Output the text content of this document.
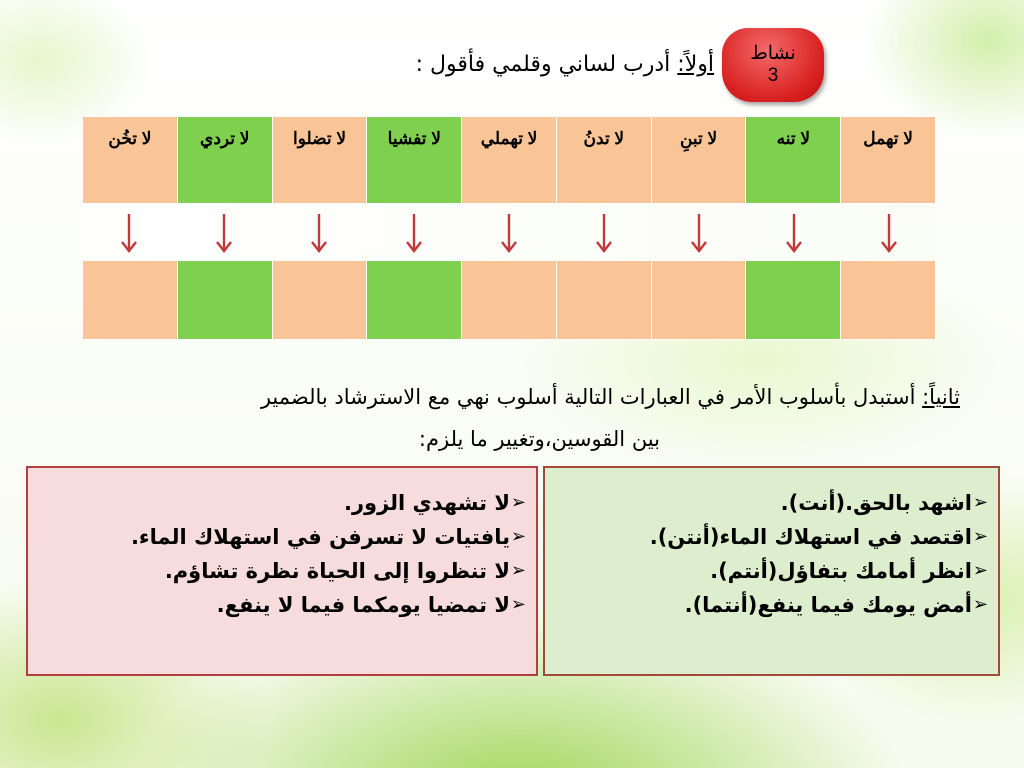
نشاط
3
أولاً: أدرب لساني وقلمي فأقول :
لا تهمل	لا تنه	لا تبنِ	لا تدنُ	لا تهملي	لا تفشيا	لا تضلوا	لا تردي	لا تخُن

ثانياً: أستبدل بأسلوب الأمر في العبارات التالية أسلوب نهي مع الاسترشاد بالضمير
بين القوسين،وتغيير ما يلزم:
➢
اشهد بالحق.(أنت).
➢
اقتصد في استهلاك الماء(أنتن).
➢
انظر أمامك بتفاؤل(أنتم).
➢
أمض يومك فيما ينفع(أنتما).
➢
لا تشهدي الزور.
➢
يافتيات لا تسرفن في استهلاك الماء.
➢
لا تنظروا إلى الحياة نظرة تشاؤم.
➢
لا تمضيا يومكما فيما لا ينفع.
